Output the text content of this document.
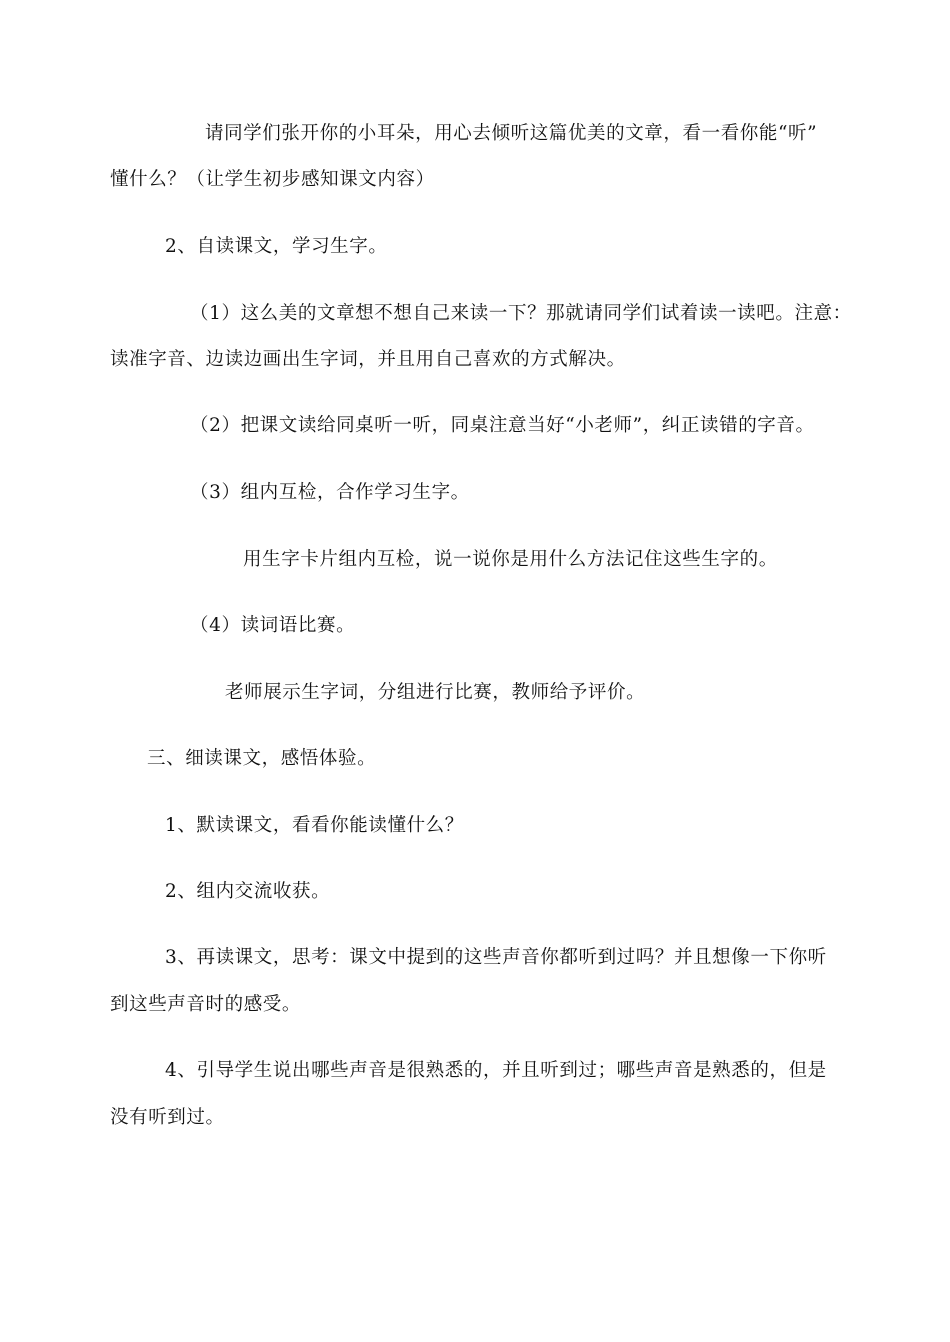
请同学们张开你的小耳朵，用心去倾听这篇优美的文章，看一看你能“听”
懂什么？（让学生初步感知课文内容）
2、自读课文，学习生字。
（1）这么美的文章想不想自己来读一下？那就请同学们试着读一读吧。注意：
读准字音、边读边画出生字词，并且用自己喜欢的方式解决。
（2）把课文读给同桌听一听，同桌注意当好“小老师”，纠正读错的字音。
（3）组内互检，合作学习生字。
用生字卡片组内互检，说一说你是用什么方法记住这些生字的。
（4）读词语比赛。
老师展示生字词，分组进行比赛，教师给予评价。
三、细读课文，感悟体验。
1、默读课文，看看你能读懂什么？
2、组内交流收获。
3、再读课文，思考：课文中提到的这些声音你都听到过吗？并且想像一下你听
到这些声音时的感受。
4、引导学生说出哪些声音是很熟悉的，并且听到过；哪些声音是熟悉的，但是
没有听到过。
